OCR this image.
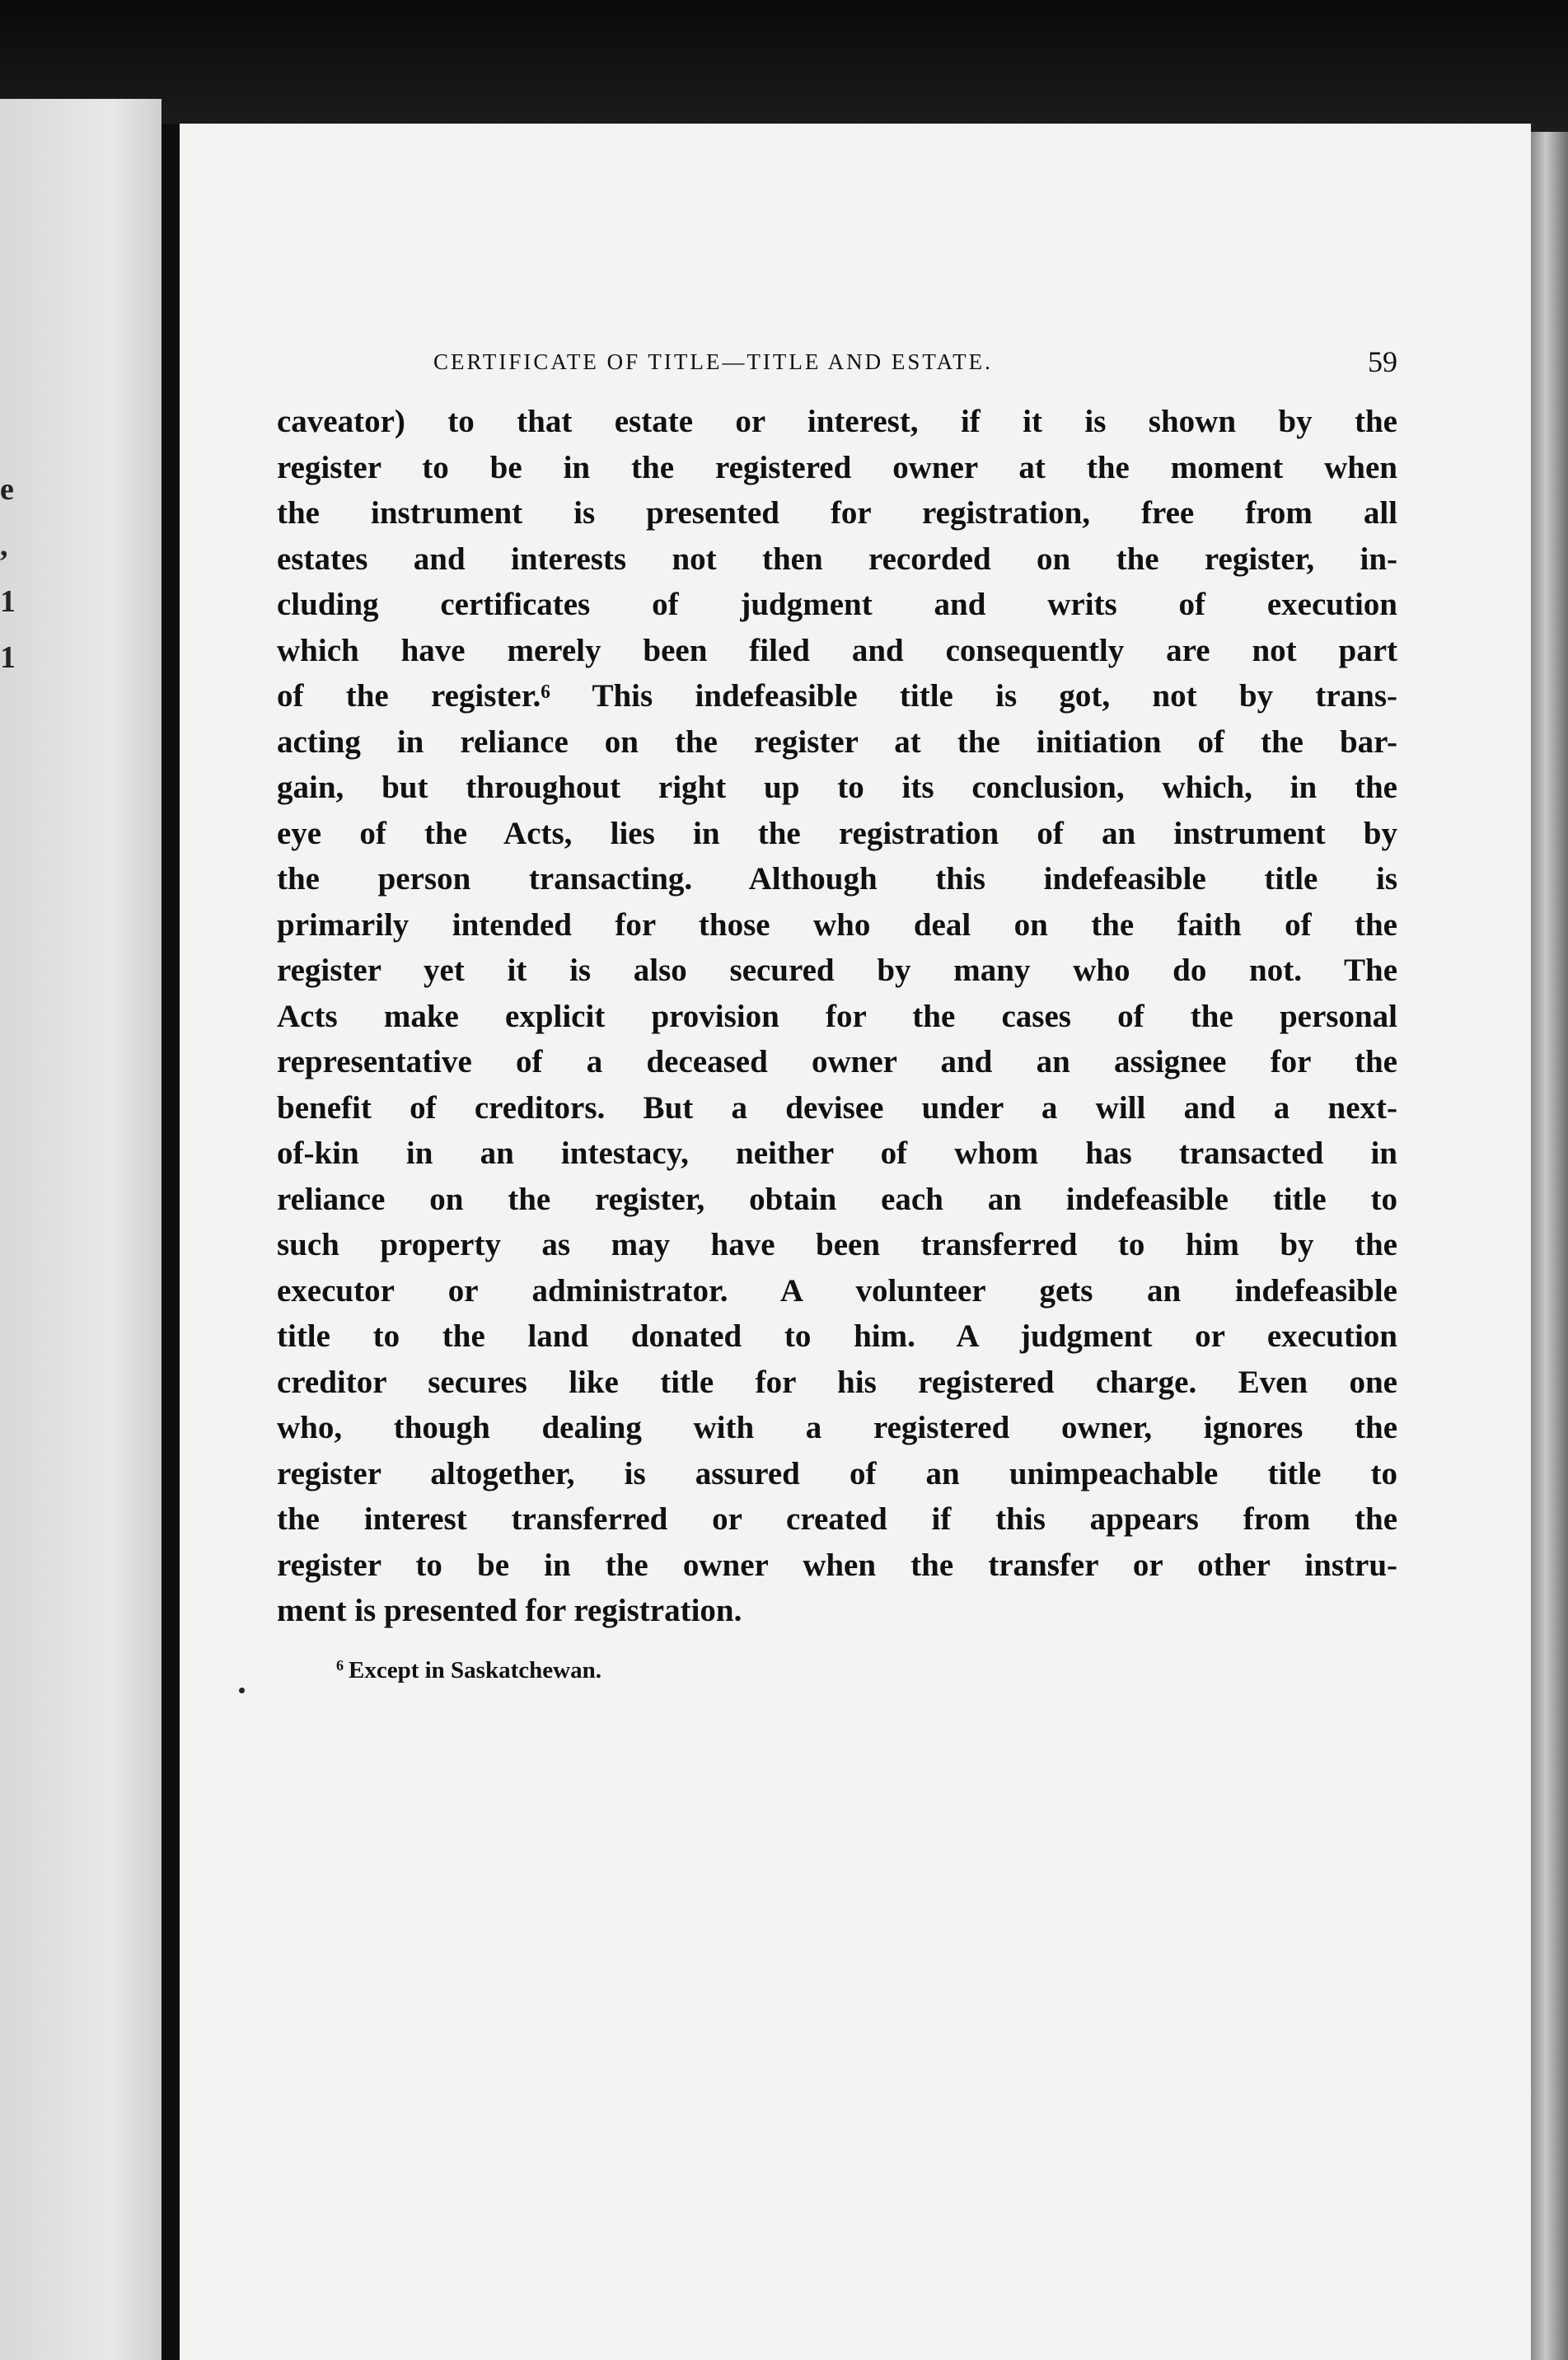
e
,
1
1
CERTIFICATE OF TITLE—TITLE AND ESTATE.	59
caveator) to that estate or interest, if it is shown by the
register to be in the registered owner at the moment when
the instrument is presented for registration, free from all
estates and interests not then recorded on the register, in-
cluding certificates of judgment and writs of execution
which have merely been filed and consequently are not part
of the register.⁶ This indefeasible title is got, not by trans-
acting in reliance on the register at the initiation of the bar-
gain, but throughout right up to its conclusion, which, in the
eye of the Acts, lies in the registration of an instrument by
the person transacting. Although this indefeasible title is
primarily intended for those who deal on the faith of the
register yet it is also secured by many who do not. The
Acts make explicit provision for the cases of the personal
representative of a deceased owner and an assignee for the
benefit of creditors. But a devisee under a will and a next-
of-kin in an intestacy, neither of whom has transacted in
reliance on the register, obtain each an indefeasible title to
such property as may have been transferred to him by the
executor or administrator. A volunteer gets an indefeasible
title to the land donated to him. A judgment or execution
creditor secures like title for his registered charge. Even one
who, though dealing with a registered owner, ignores the
register altogether, is assured of an unimpeachable title to
the interest transferred or created if this appears from the
register to be in the owner when the transfer or other instru-
ment is presented for registration.
$^6$ Except in Saskatchewan.
